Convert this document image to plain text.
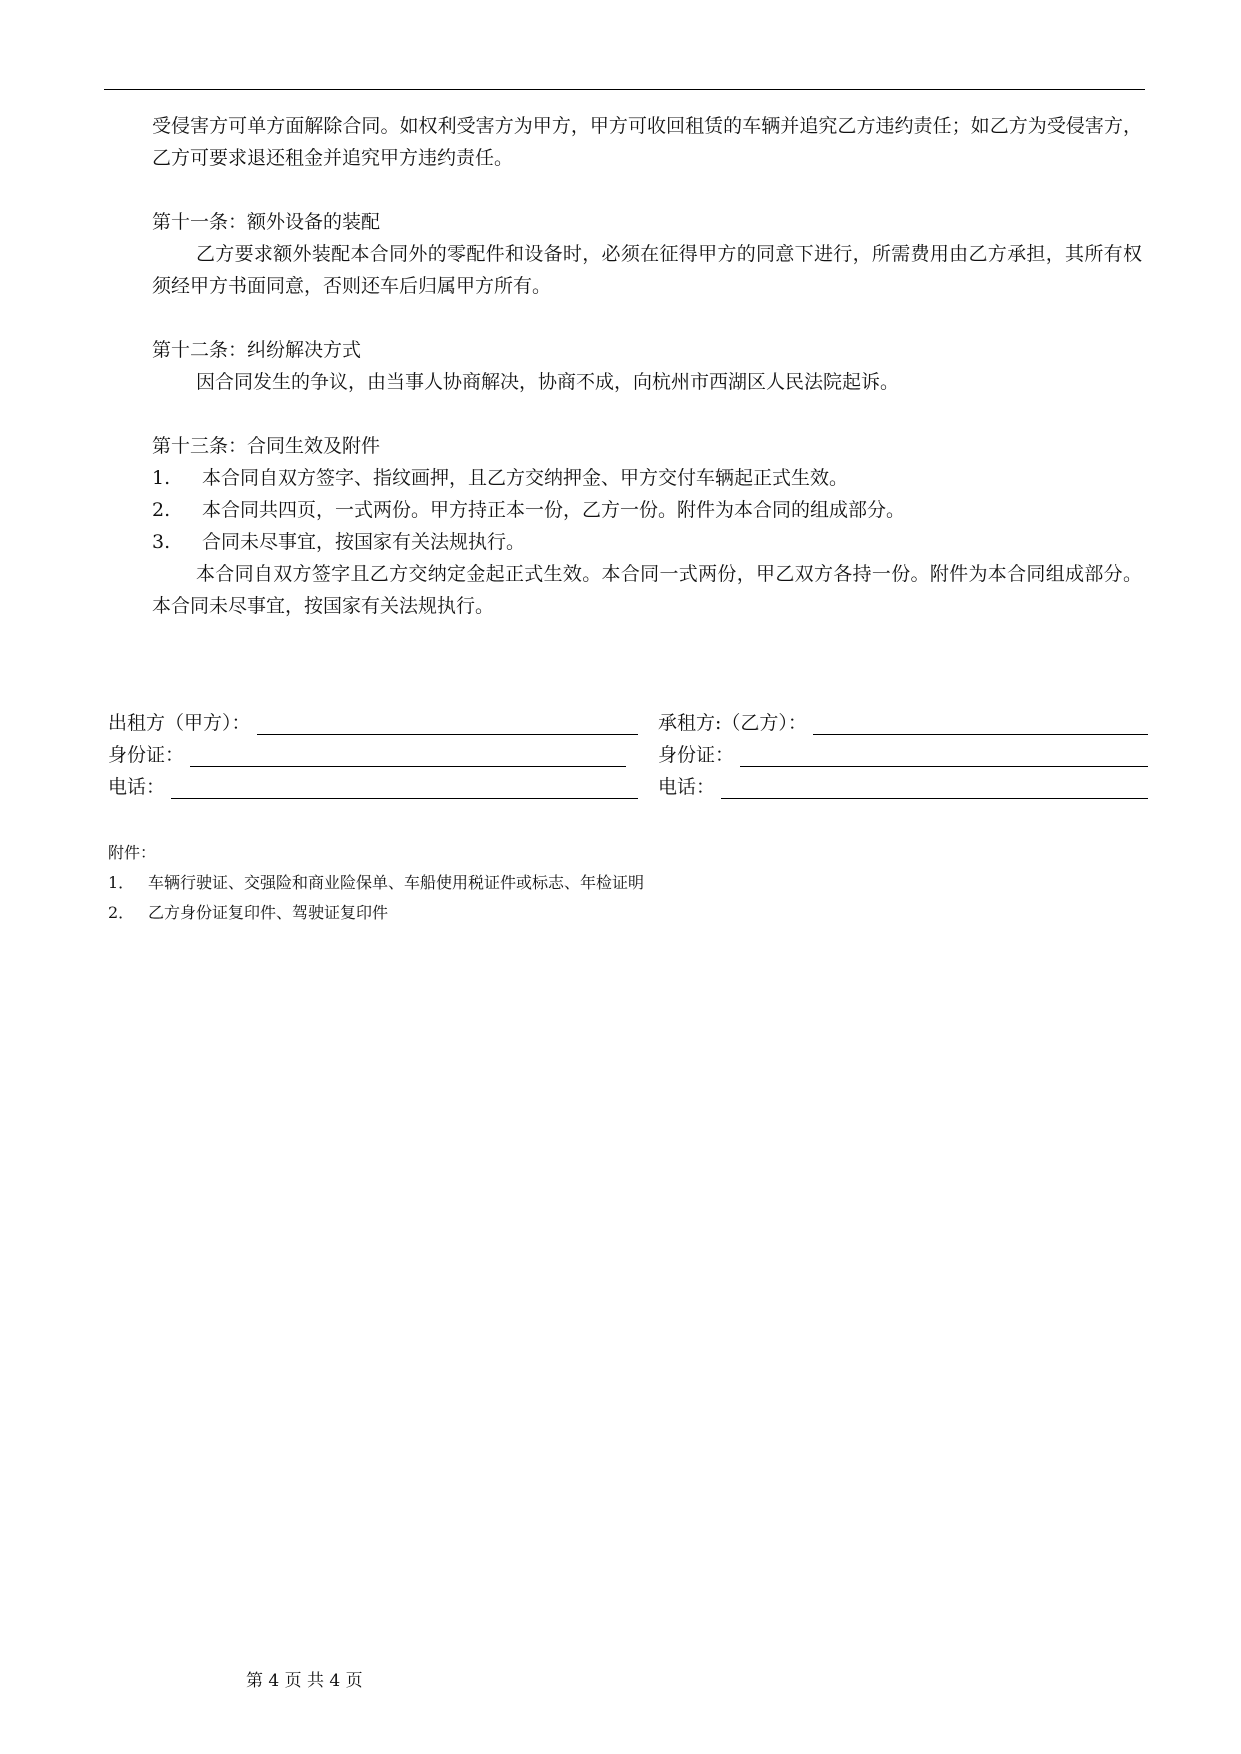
受侵害方可单方面解除合同。如权利受害方为甲方，甲方可收回租赁的车辆并追究乙方违约责任；如乙方为受侵害方，乙方可要求退还租金并追究甲方违约责任。

第十一条：额外设备的装配

乙方要求额外装配本合同外的零配件和设备时，必须在征得甲方的同意下进行，所需费用由乙方承担，其所有权须经甲方书面同意，否则还车后归属甲方所有。

第十二条：纠纷解决方式

因合同发生的争议，由当事人协商解决，协商不成，向杭州市西湖区人民法院起诉。

第十三条：合同生效及附件

1.	本合同自双方签字、指纹画押，且乙方交纳押金、甲方交付车辆起正式生效。
2.	本合同共四页，一式两份。甲方持正本一份，乙方一份。附件为本合同的组成部分。
3.	合同未尽事宜，按国家有关法规执行。

本合同自双方签字且乙方交纳定金起正式生效。本合同一式两份，甲乙双方各持一份。附件为本合同组成部分。本合同未尽事宜，按国家有关法规执行。

出租方（甲方）：	承租方:（乙方）：
身份证：	身份证：
电话：	电话：
附件：
1． 车辆行驶证、交强险和商业险保单、车船使用税证件或标志、年检证明
2． 乙方身份证复印件、驾驶证复印件
第 4 页 共 4 页
